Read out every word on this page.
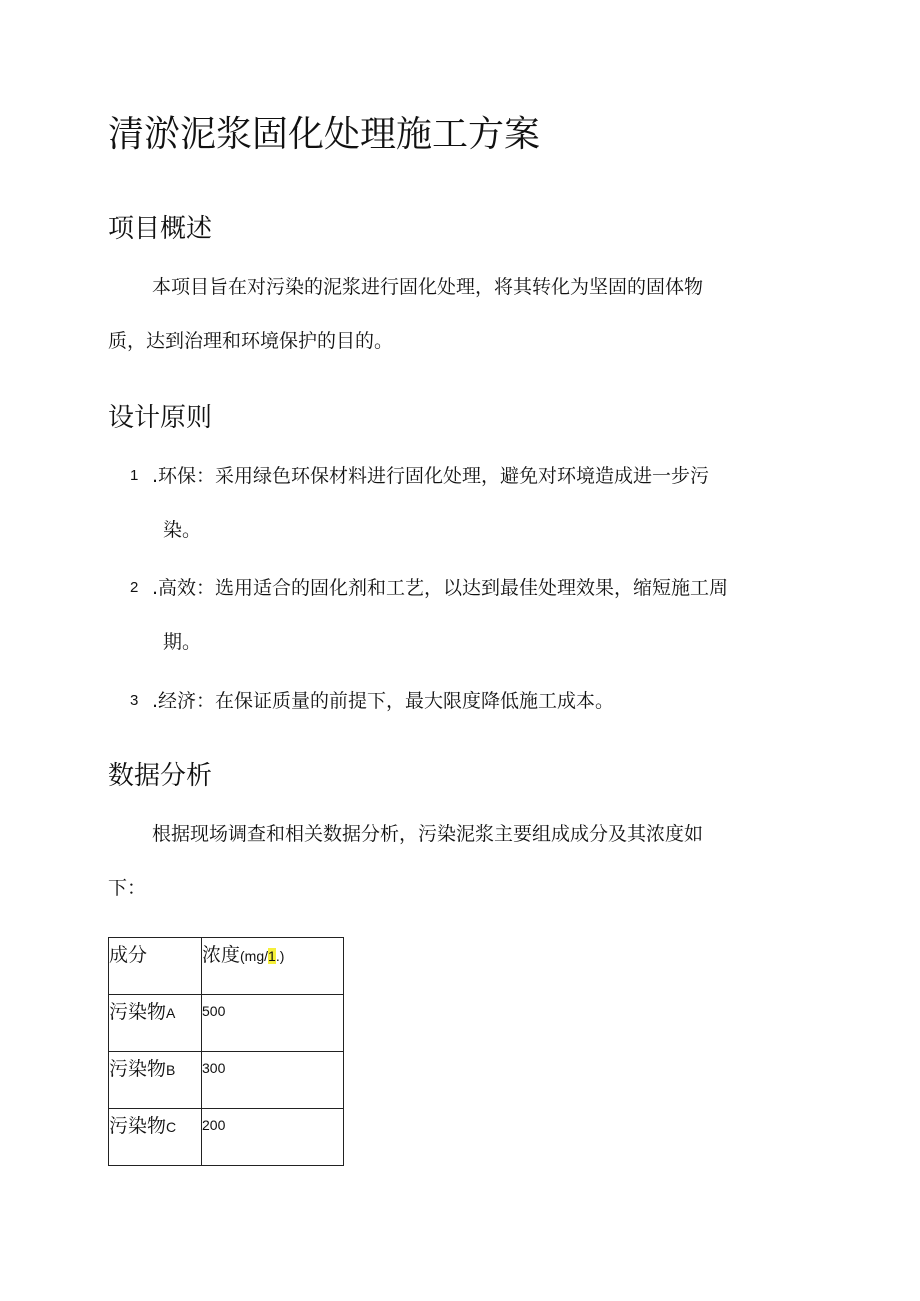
清淤泥浆固化处理施工方案
项目概述
本项目旨在对污染的泥浆进行固化处理，将其转化为坚固的固体物
质，达到治理和环境保护的目的。
设计原则
1 .环保：采用绿色环保材料进行固化处理，避免对环境造成进一步污
染。
2 .高效：选用适合的固化剂和工艺，以达到最佳处理效果，缩短施工周
期。
3 .经济：在保证质量的前提下，最大限度降低施工成本。
数据分析
根据现场调查和相关数据分析，污染泥浆主要组成成分及其浓度如
下：
成分	浓度(mg/1.)
污染物A	500
污染物B	300
污染物C	200
